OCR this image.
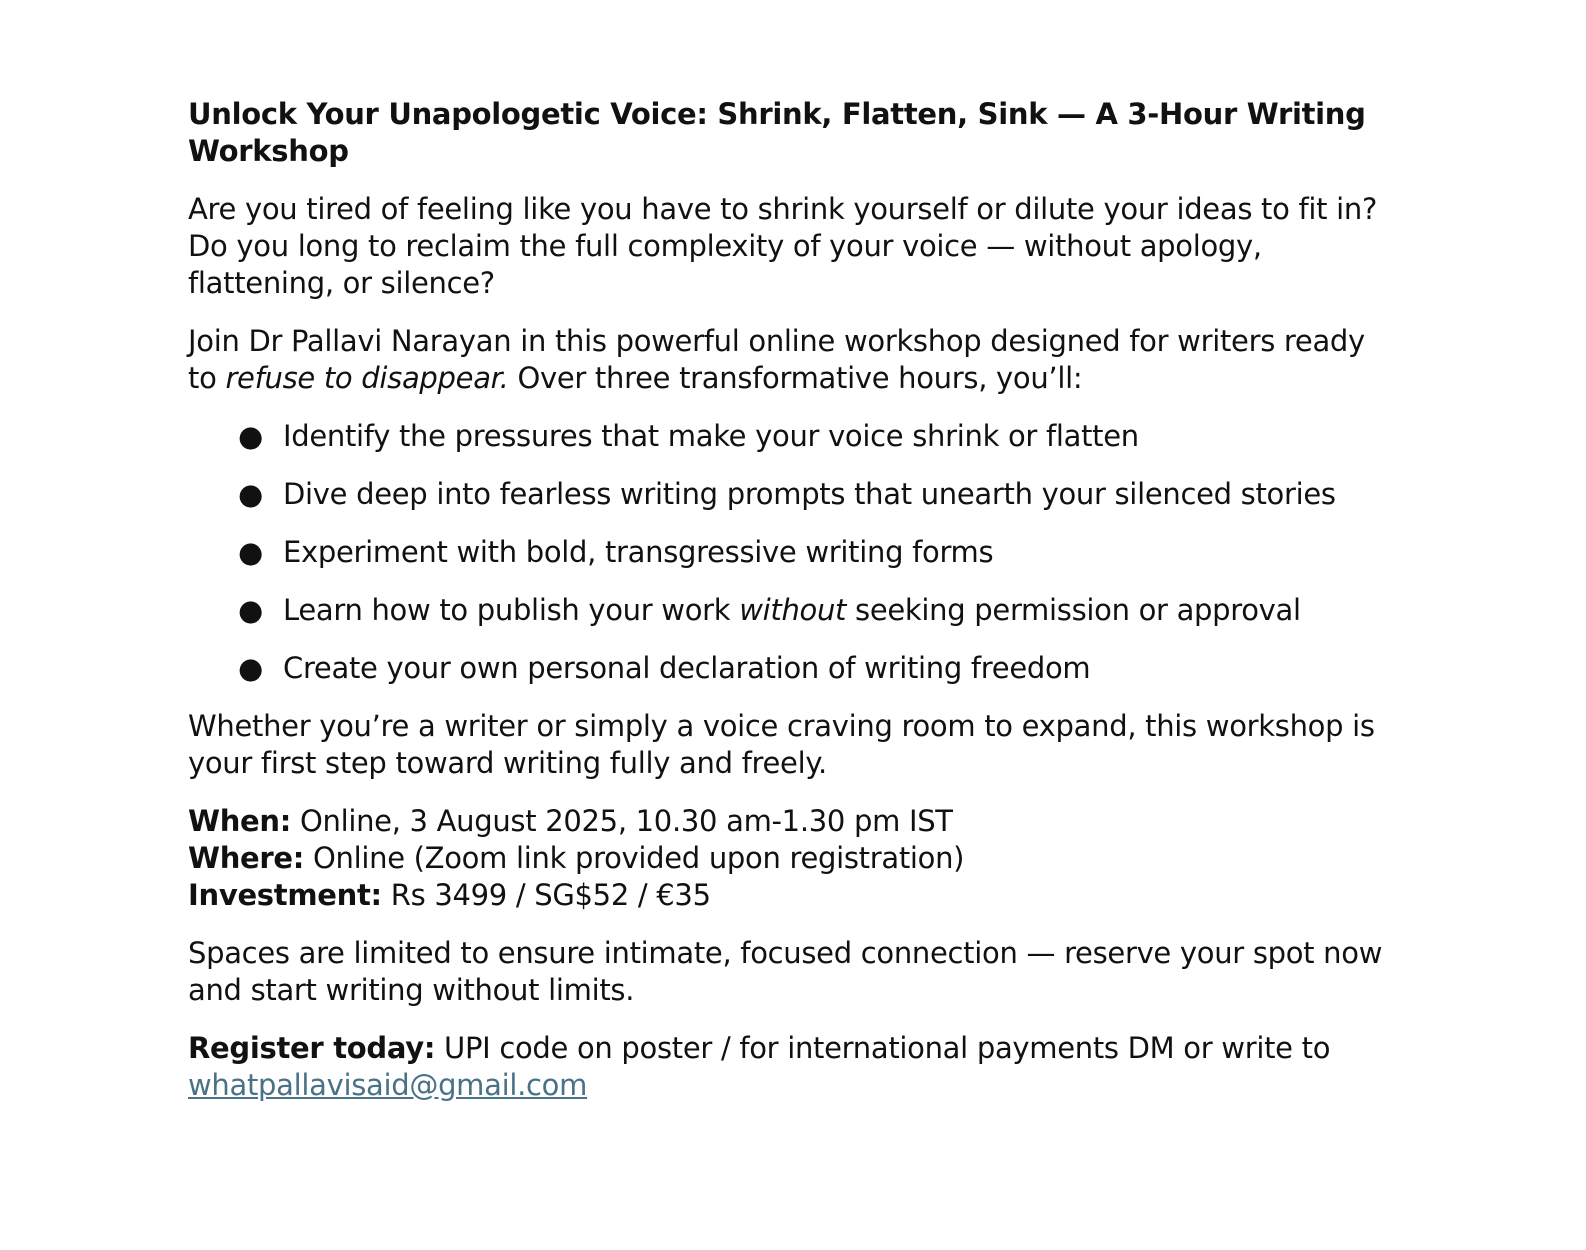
Unlock Your Unapologetic Voice: Shrink, Flatten, Sink — A 3-Hour Writing Workshop

Are you tired of feeling like you have to shrink yourself or dilute your ideas to fit in? Do you long to reclaim the full complexity of your voice — without apology, flattening, or silence?

Join Dr Pallavi Narayan in this powerful online workshop designed for writers ready to refuse to disappear. Over three transformative hours, you’ll:

● Identify the pressures that make your voice shrink or flatten
● Dive deep into fearless writing prompts that unearth your silenced stories
● Experiment with bold, transgressive writing forms
● Learn how to publish your work without seeking permission or approval
● Create your own personal declaration of writing freedom

Whether you’re a writer or simply a voice craving room to expand, this workshop is your first step toward writing fully and freely.

When: Online, 3 August 2025, 10.30 am-1.30 pm IST
Where: Online (Zoom link provided upon registration)
Investment: Rs 3499 / SG$52 / €35

Spaces are limited to ensure intimate, focused connection — reserve your spot now and start writing without limits.

Register today: UPI code on poster / for international payments DM or write to whatpallavisaid@gmail.com
